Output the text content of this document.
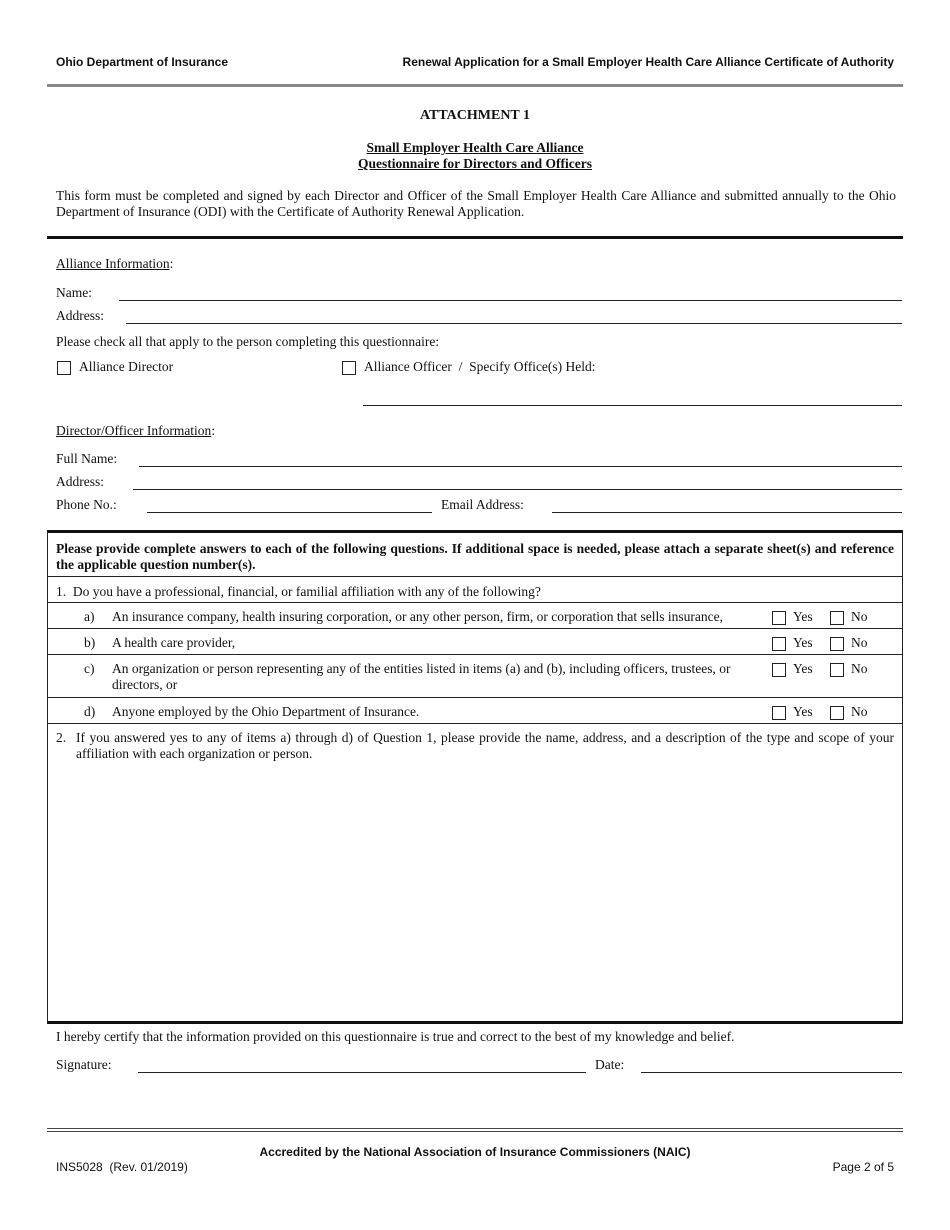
Ohio Department of Insurance	Renewal Application for a Small Employer Health Care Alliance Certificate of Authority
ATTACHMENT 1
Small Employer Health Care Alliance
Questionnaire for Directors and Officers
This form must be completed and signed by each Director and Officer of the Small Employer Health Care Alliance and submitted annually to the Ohio Department of Insurance (ODI) with the Certificate of Authority Renewal Application.
Alliance Information:
Name:
Address:
Please check all that apply to the person completing this questionnaire:
Alliance Director	Alliance Officer  /  Specify Office(s) Held:
Director/Officer Information:
Full Name:
Address:
Phone No.:	Email Address:
Please provide complete answers to each of the following questions. If additional space is needed, please attach a separate sheet(s) and reference the applicable question number(s).
1.  Do you have a professional, financial, or familial affiliation with any of the following?
a) An insurance company, health insuring corporation, or any other person, firm, or corporation that sells insurance,	Yes	No
b) A health care provider,	Yes	No
c) An organization or person representing any of the entities listed in items (a) and (b), including officers, trustees, or directors, or
Yes	No
d) Anyone employed by the Ohio Department of Insurance.	Yes	No
2. If you answered yes to any of items a) through d) of Question 1, please provide the name, address, and a description of the type and scope of your affiliation with each organization or person.
I hereby certify that the information provided on this questionnaire is true and correct to the best of my knowledge and belief.
Signature:	Date:
Accredited by the National Association of Insurance Commissioners (NAIC)
INS5028  (Rev. 01/2019)	Page 2 of 5
